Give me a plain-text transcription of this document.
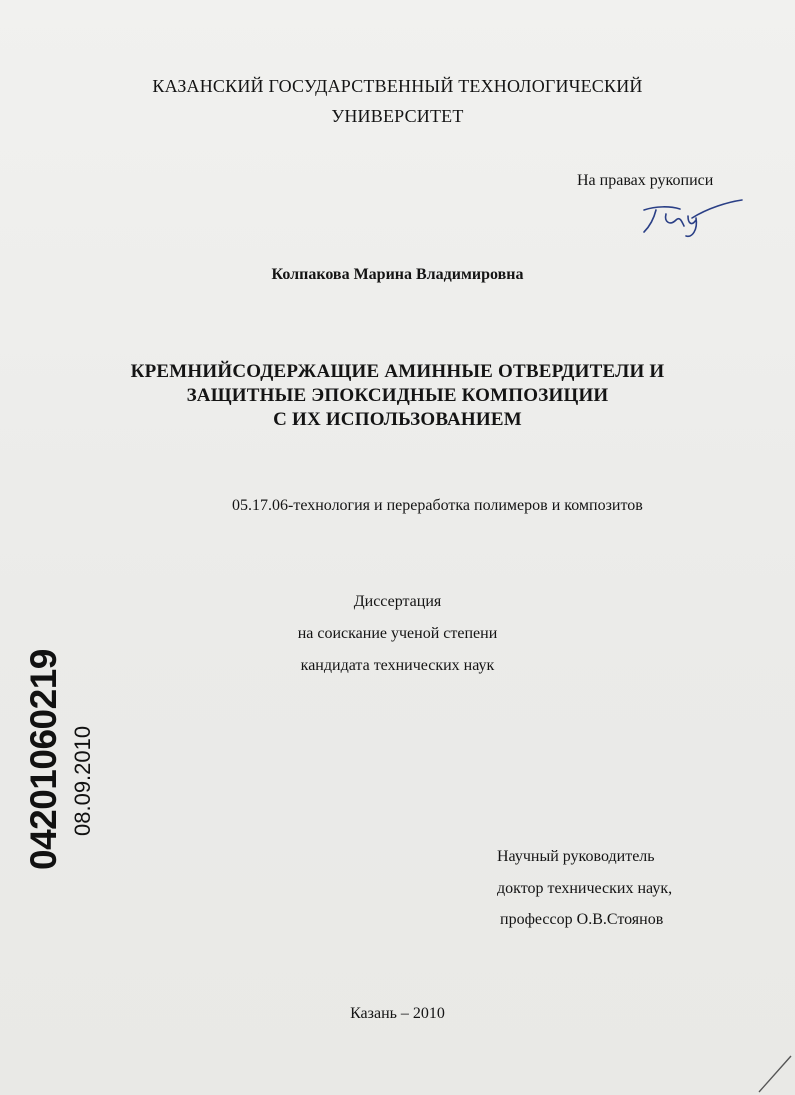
КАЗАНСКИЙ ГОСУДАРСТВЕННЫЙ ТЕХНОЛОГИЧЕСКИЙ
УНИВЕРСИТЕТ
На правах рукописи
Колпакова Марина Владимировна
КРЕМНИЙСОДЕРЖАЩИЕ АМИННЫЕ ОТВЕРДИТЕЛИ И
ЗАЩИТНЫЕ ЭПОКСИДНЫЕ КОМПОЗИЦИИ
С ИХ ИСПОЛЬЗОВАНИЕМ
05.17.06-технология и переработка полимеров и композитов
Диссертация
на соискание ученой степени
кандидата технических наук
Научный руководитель
доктор технических наук,
профессор О.В.Стоянов
Казань – 2010
04201060219 08.09.2010
